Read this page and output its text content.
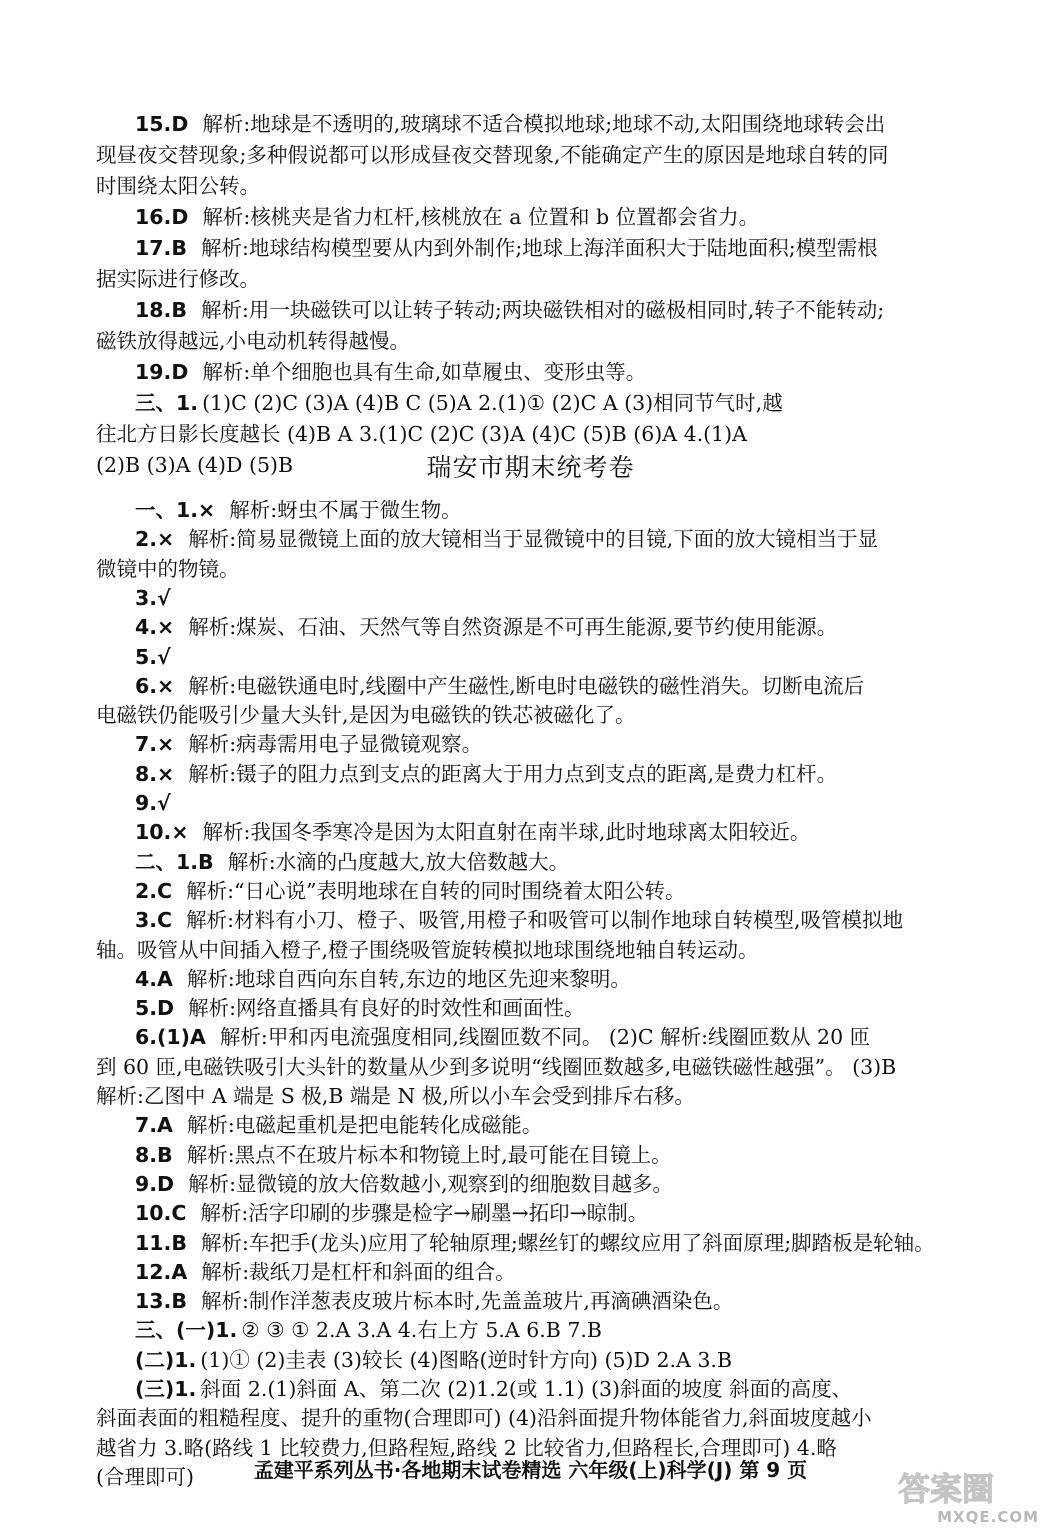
15.D 解析:地球是不透明的,玻璃球不适合模拟地球;地球不动,太阳围绕地球转会出
现昼夜交替现象;多种假说都可以形成昼夜交替现象,不能确定产生的原因是地球自转的同
时围绕太阳公转。
16.D 解析:核桃夹是省力杠杆,核桃放在 a 位置和 b 位置都会省力。
17.B 解析:地球结构模型要从内到外制作;地球上海洋面积大于陆地面积;模型需根
据实际进行修改。
18.B 解析:用一块磁铁可以让转子转动;两块磁铁相对的磁极相同时,转子不能转动;
磁铁放得越远,小电动机转得越慢。
19.D 解析:单个细胞也具有生命,如草履虫、变形虫等。
三、1. (1)C (2)C (3)A (4)B C (5)A 2.(1)① (2)C A (3)相同节气时,越
往北方日影长度越长 (4)B A 3.(1)C (2)C (3)A (4)C (5)B (6)A 4.(1)A
(2)B (3)A (4)D (5)B	瑞安市期末统考卷
一、1.× 解析:蚜虫不属于微生物。
2.× 解析:简易显微镜上面的放大镜相当于显微镜中的目镜,下面的放大镜相当于显
微镜中的物镜。
3.√
4.× 解析:煤炭、石油、天然气等自然资源是不可再生能源,要节约使用能源。
5.√
6.× 解析:电磁铁通电时,线圈中产生磁性,断电时电磁铁的磁性消失。切断电流后
电磁铁仍能吸引少量大头针,是因为电磁铁的铁芯被磁化了。
7.× 解析:病毒需用电子显微镜观察。
8.× 解析:镊子的阻力点到支点的距离大于用力点到支点的距离,是费力杠杆。
9.√
10.× 解析:我国冬季寒冷是因为太阳直射在南半球,此时地球离太阳较近。
二、1.B 解析:水滴的凸度越大,放大倍数越大。
2.C 解析:“日心说”表明地球在自转的同时围绕着太阳公转。
3.C 解析:材料有小刀、橙子、吸管,用橙子和吸管可以制作地球自转模型,吸管模拟地
轴。吸管从中间插入橙子,橙子围绕吸管旋转模拟地球围绕地轴自转运动。
4.A 解析:地球自西向东自转,东边的地区先迎来黎明。
5.D 解析:网络直播具有良好的时效性和画面性。
6.(1)A 解析:甲和丙电流强度相同,线圈匝数不同。 (2)C 解析:线圈匝数从 20 匝
到 60 匝,电磁铁吸引大头针的数量从少到多说明“线圈匝数越多,电磁铁磁性越强”。 (3)B
解析:乙图中 A 端是 S 极,B 端是 N 极,所以小车会受到排斥右移。
7.A 解析:电磁起重机是把电能转化成磁能。
8.B 解析:黑点不在玻片标本和物镜上时,最可能在目镜上。
9.D 解析:显微镜的放大倍数越小,观察到的细胞数目越多。
10.C 解析:活字印刷的步骤是检字→刷墨→拓印→晾制。
11.B 解析:车把手(龙头)应用了轮轴原理;螺丝钉的螺纹应用了斜面原理;脚踏板是轮轴。
12.A 解析:裁纸刀是杠杆和斜面的组合。
13.B 解析:制作洋葱表皮玻片标本时,先盖盖玻片,再滴碘酒染色。
三、(一)1. ② ③ ① 2.A 3.A 4.右上方 5.A 6.B 7.B
(二)1. (1)① (2)圭表 (3)较长 (4)图略(逆时针方向) (5)D 2.A 3.B
(三)1. 斜面 2.(1)斜面 A、第二次 (2)1.2(或 1.1) (3)斜面的坡度 斜面的高度、
斜面表面的粗糙程度、提升的重物(合理即可) (4)沿斜面提升物体能省力,斜面坡度越小
越省力 3.略(路线 1 比较费力,但路程短,路线 2 比较省力,但路程长,合理即可) 4.略
(合理即可)	孟建平系列丛书·各地期末试卷精选 六年级(上)科学(J) 第 9 页	答案圈
MXQE.COM
